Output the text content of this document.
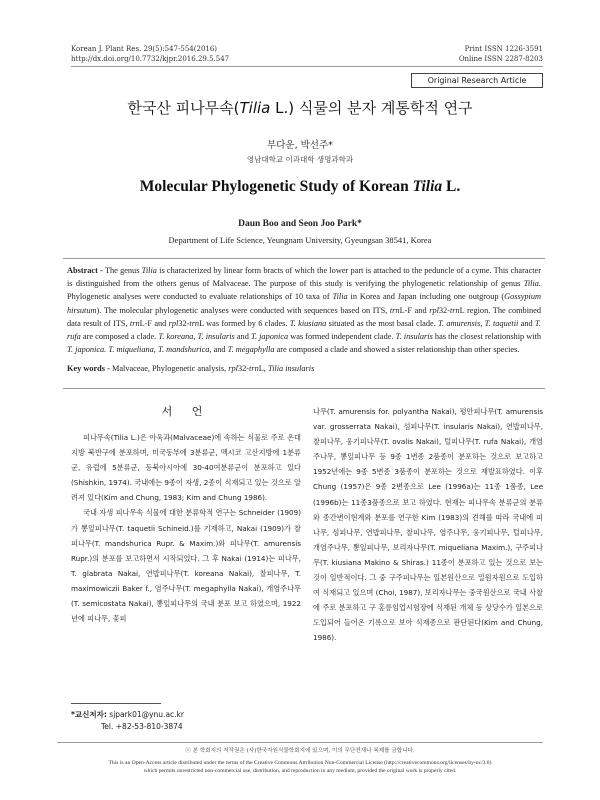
Korean J. Plant Res. 29(5):547-554(2016)
http://dx.doi.org/10.7732/kjpr.2016.29.5.547
Print ISSN 1226-3591
Online ISSN 2287-8203
Original Research Article
한국산 피나무속(Tilia L.) 식물의 분자 계통학적 연구
부다운, 박선주*
영남대학교 이과대학 생명과학과
Molecular Phylogenetic Study of Korean Tilia L.
Daun Boo and Seon Joo Park*
Department of Life Science, Yeungnam University, Gyeungsan 38541, Korea
Abstract - The genus Tilia is characterized by linear form bracts of which the lower part is attached to the peduncle of a cyme. This character is distinguished from the others genus of Malvaceae. The purpose of this study is verifying the phylogenetic relationship of genus Tilia. Phylogenetic analyses were conducted to evaluate relationships of 10 taxa of Tilia in Korea and Japan including one outgroup (Gossypium hirsutum). The molecular phylogenetic analyses were conducted with sequences based on ITS, trnL-F and rpl32-trnL region. The combined data result of ITS, trnL-F and rpl32-trnL was formed by 6 clades. T. kiusiana situated as the most basal clade. T. amurensis, T. taquetii and T. rufa are composed a clade. T. koreana, T. insularis and T. japonica was formed independent clade. T. insularis has the closest relationship with T. japonica. T. miqueliana, T. mandshurica, and T. megaphylla are composed a clade and showed a sister relationship than other species.
Key words - Malvaceae, Phylogenetic analysis, rpl32-trnL, Tilia insularis
서 언

피나무속(Tilia L.)은 아욱과(Malvaceae)에 속하는 식물로 주로 온대지방 북반구에 분포하며, 미국동부에 3분류군, 멕시코 고산지방에 1분류군, 유럽에 5분류군, 동북아시아에 30-40여분류군이 분포하고 있다(Shishkin, 1974). 국내에는 9종이 자생, 2종이 식재되고 있는 것으로 알려져 있다(Kim and Chung, 1983; Kim and Chung 1986).

국내 자생 피나무속 식물에 대한 분류학적 연구는 Schneider (1909)가 뽕잎피나무(T. taquetii Schineid.)를 기재하고, Nakai (1909)가 찰피나무(T. mandshurica Rupr. & Maxim.)와 피나무(T. amurensis Rupr.)의 분포를 보고하면서 시작되었다. 그 후 Nakai (1914)는 피나무, T. glabrata Nakai, 연밥피나무(T. koreana Nakai), 찰피나무, T. maximowiczii Baker f., 염주나무(T. megaphylla Nakai), 개염주나무(T. semicostata Nakai), 뽕잎피나무의 국내 분포 보고 하였으며, 1922년에 피나무, 꽃피

나무(T. amurensis for. polyantha Nakai), 평안피나무(T. amurensis var. grosserrata Nakai), 섬피나무(T. insularis Nakai), 연밥피나무, 찰피나무, 웅기피나무(T. ovalis Nakai), 털피나무(T. rufa Nakai), 개염주나무, 뽕잎피나무 등 9종 1변종 2품종이 분포하는 것으로 보고하고 1952년에는 9종 5변종 3품종이 분포하는 것으로 재발표하였다. 이후 Chung (1957)은 9종 2변종으로 Lee (1996a)는 11종 1품종, Lee (1996b)는 11종3품종으로 보고 하였다. 현재는 피나무속 분류군의 분류와 종간변이현계와 분포를 연구한 Kim (1983)의 견해를 따라 국내에 피나무, 섬피나무, 연밥피나무, 찰피나무, 염주나무, 웅기피나무, 털피나무, 개염주나무, 뽕잎피나무, 보리자나무(T. miqueliana Maxim.), 구주피나무(T. kiusiana Makino & Shiras.) 11종이 분포하고 있는 것으로 보는 것이 일반적이다. 그 중 구주피나무는 일본원산으로 밀원자원으로 도입하여 식재되고 있으며 (Choi, 1987), 보리자나무는 중국원산으로 국내 사찰에 주로 분포하고 구 홍릉임업시험장에 식재된 개체 등 상당수가 일본으로 도입되어 들어온 기록으로 보아 식재종으로 판단된다(Kim and Chung, 1986).

*교신저자: sjpark01@ynu.ac.kr
Tel. +82-53-810-3874
ⓒ 본 학회지의 저작권은 (사)한국자원식물학회지에 있으며, 이의 무단전재나 복제를 금합니다.
This is an Open-Access article distributed under the terms of the Creative Commons Attribution Non-Commercial License (http://creativecommons.org/licenses/by-nc/3.0)
which permits unrestricted non-commercial use, distribution, and reproduction in any medium, provided the original work is properly cited.
